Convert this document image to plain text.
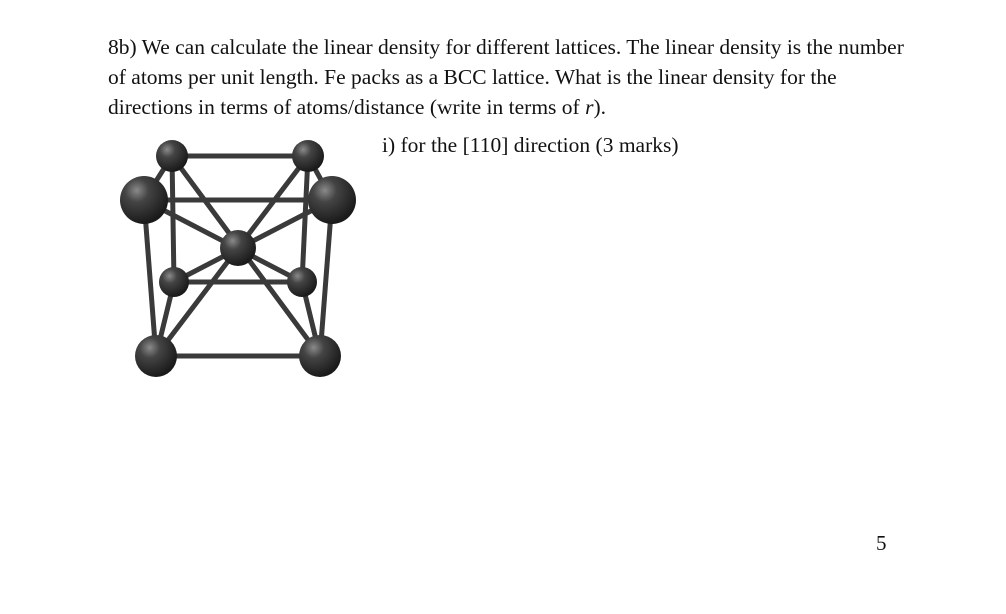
8b) We can calculate the linear density for different lattices. The linear density is the number of atoms per unit length. Fe packs as a BCC lattice. What is the linear density for the directions in terms of atoms/distance (write in terms of r).

i) for the [110] direction (3 marks)

5
